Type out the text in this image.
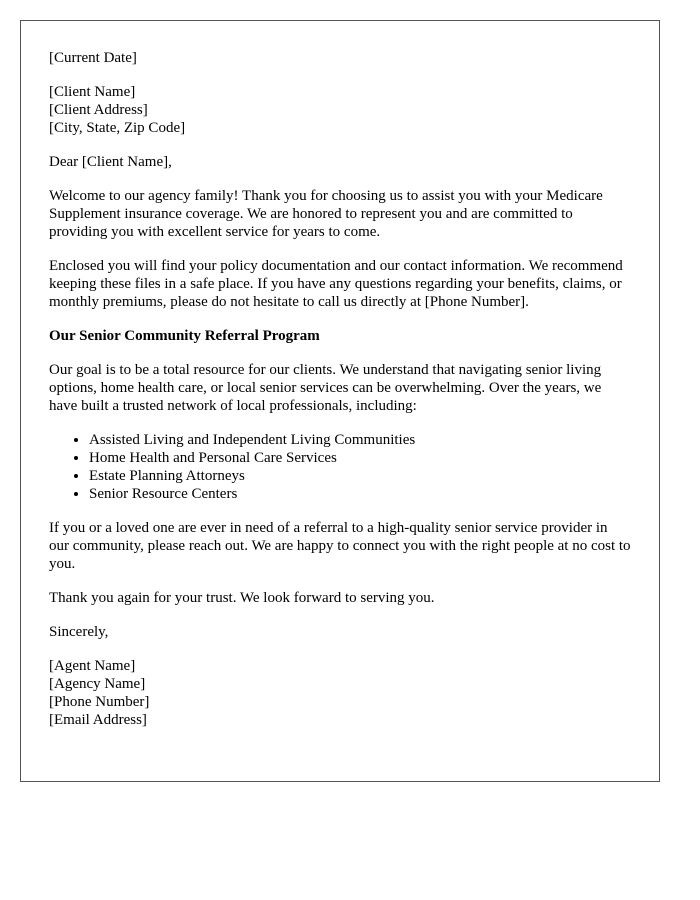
[Current Date]

[Client Name]

[Client Address]

[City, State, Zip Code]

Dear [Client Name],

Welcome to our agency family! Thank you for choosing us to assist you with your Medicare Supplement insurance coverage. We are honored to represent you and are committed to providing you with excellent service for years to come.

Enclosed you will find your policy documentation and our contact information. We recommend keeping these files in a safe place. If you have any questions regarding your benefits, claims, or monthly premiums, please do not hesitate to call us directly at [Phone Number].

Our Senior Community Referral Program

Our goal is to be a total resource for our clients. We understand that navigating senior living options, home health care, or local senior services can be overwhelming. Over the years, we have built a trusted network of local professionals, including:

• Assisted Living and Independent Living Communities
• Home Health and Personal Care Services
• Estate Planning Attorneys
• Senior Resource Centers

If you or a loved one are ever in need of a referral to a high-quality senior service provider in our community, please reach out. We are happy to connect you with the right people at no cost to you.

Thank you again for your trust. We look forward to serving you.

Sincerely,

[Agent Name]

[Agency Name]

[Phone Number]

[Email Address]
